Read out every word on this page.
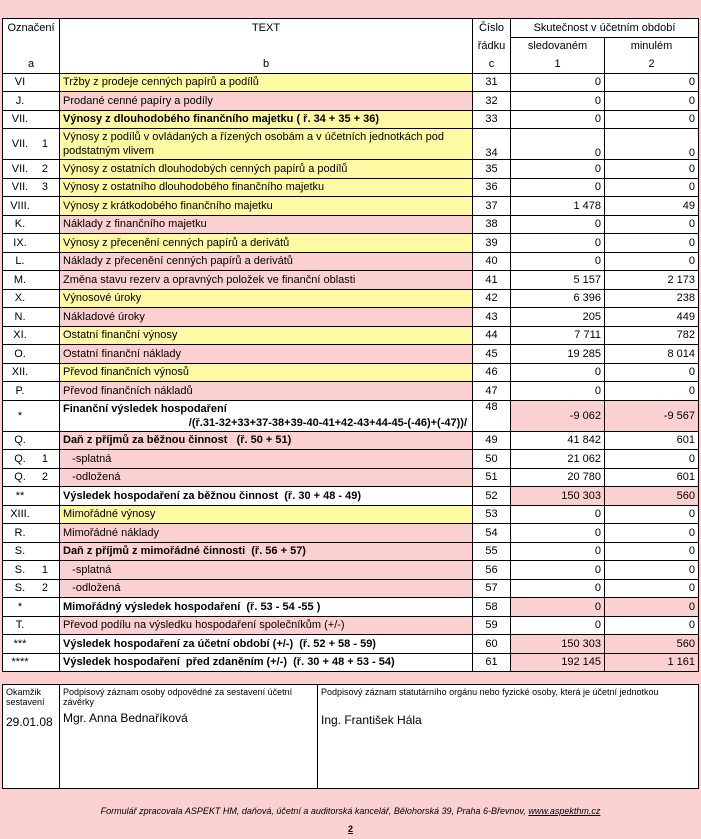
Označení	TEXT	Číslo	Skutečnost v účetním období	
		řádku	sledovaném	minulém
a	b	c	1	2
VI	Tržby z prodeje cenných papírů a podílů	31	0	0
J.	Prodané cenné papíry a podíly	32	0	0
VII.	Výnosy z dlouhodobého finančního majetku ( ř. 34 + 35 + 36)	33	0	0
VII. 1	Výnosy z podílů v ovládaných a řízených osobám a v účetních jednotkách pod podstatným vlivem	34	0	0
VII. 2	Výnosy z ostatních dlouhodobých cenných papírů a podílů	35	0	0
VII. 3	Výnosy z ostatního dlouhodobého finančního majetku	36	0	0
VIII.	Výnosy z krátkodobého finančního majetku	37	1 478	49
K.	Náklady z finančního majetku	38	0	0
IX.	Výnosy z přecenění cenných papírů a derivátů	39	0	0
L.	Náklady z přecenění cenných papírů a derivátů	40	0	0
M.	Změna stavu rezerv a opravných položek ve finanční oblasti	41	5 157	2 173
X.	Výnosové úroky	42	6 396	238
N.	Nákladové úroky	43	205	449
XI.	Ostatní finanční výnosy	44	7 711	782
O.	Ostatní finanční náklady	45	19 285	8 014
XII.	Převod finančních výnosů	46	0	0
P.	Převod finančních nákladů	47	0	0
*	Finanční výsledek hospodaření
/(ř.31-32+33+37-38+39-40-41+42-43+44-45-(-46)+(-47))/	48	-9 062	-9 567
Q.	Daň z příjmů za běžnou činnost   (ř. 50 + 51)	49	41 842	601
Q. 1	-splatná	50	21 062	0
Q. 2	-odložená	51	20 780	601
**	Výsledek hospodaření za běžnou činnost  (ř. 30 + 48 - 49)	52	150 303	560
XIII.	Mimořádné výnosy	53	0	0
R.	Mimořádné náklady	54	0	0
S.	Daň z příjmů z mimořádné činnosti  (ř. 56 + 57)	55	0	0
S. 1	-splatná	56	0	0
S. 2	-odložená	57	0	0
*	Mimořádný výsledek hospodaření  (ř. 53 - 54 -55 )	58	0	0
T.	Převod podílu na výsledku hospodaření společníkům (+/-)	59	0	0
***	Výsledek hospodaření za účetní období (+/-)  (ř. 52 + 58 - 59)	60	150 303	560
****	Výsledek hospodaření  před zdaněním (+/-)  (ř. 30 + 48 + 53 - 54)	61	192 145	1 161
Okamžik sestavení
29.01.08

Podpisový záznam osoby odpovědné za sestavení účetní závěrky
Mgr. Anna Bednaříková

Podpisový záznam statutárního orgánu nebo fyzické osoby, která je účetní jednotkou
Ing. František Hála
Formulář zpracovala ASPEKT HM, daňová, účetní a auditorská kancelář, Bělohorská 39, Praha 6-Břevnov, www.aspekthm.cz
2
